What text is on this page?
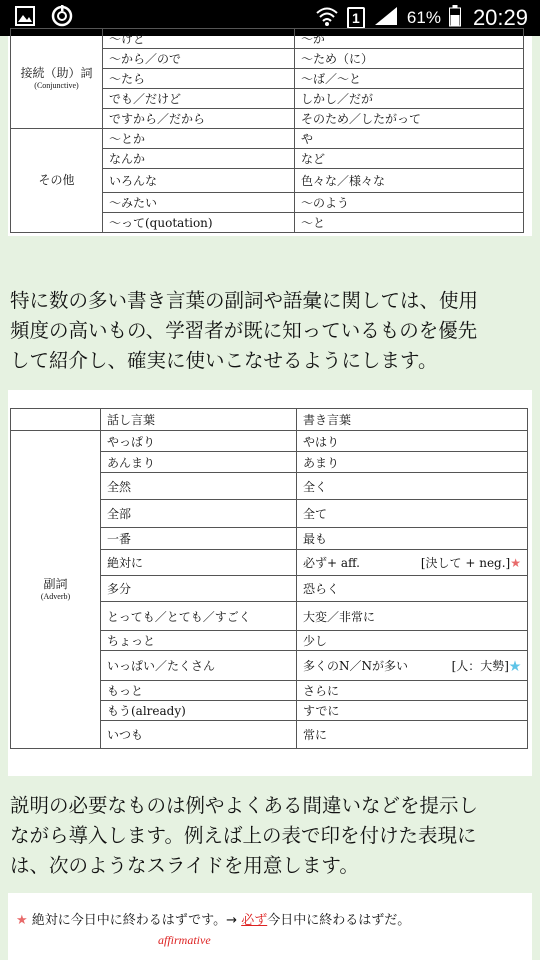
1	61% 20:29
接続（助）詞
(Conjunctive)	〜けど	〜が
	〜から／ので	〜ため（に）
	〜たら	〜ば／〜と
	でも／だけど	しかし／だが
	ですから／だから	そのため／したがって
その他	〜とか	や
	なんか	など
	いろんな	色々な／様々な
	〜みたい	〜のよう
	〜って(quotation)	〜と
特に数の多い書き言葉の副詞や語彙に関しては、使用
頻度の高いもの、学習者が既に知っているものを優先
して紹介し、確実に使いこなせるようにします。
	話し言葉	書き言葉
副詞
(Adverb)	やっぱり	やはり
	あんまり	あまり
	全然	全く
	全部	全て
	一番	最も
	絶対に	必ず+ aff. [決して + neg.]★

	多分	恐らく
	とっても／とても／すごく	大変／非常に
	ちょっと	少し
	いっぱい／たくさん	多くのN／Nが多い [人：大勢]★

	もっと	さらに
	もう(already)	すでに
	いつも	常に
説明の必要なものは例やよくある間違いなどを提示し
ながら導入します。例えば上の表で印を付けた表現に
は、次のようなスライドを用意します。
★ 絶対に今日中に終わるはずです。→ 必ず今日中に終わるはずだ。
affirmative
